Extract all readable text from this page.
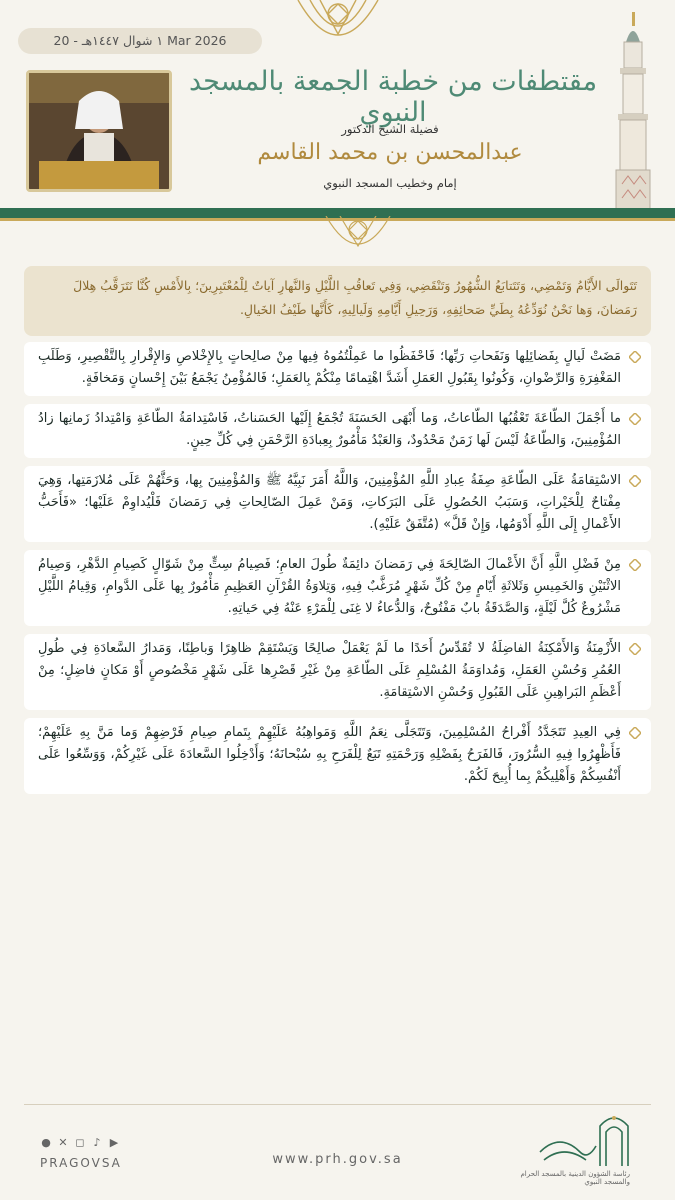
١ شوال ١٤٤٧هـ - 20 Mar 2026
مقتطفات من خطبة الجمعة بالمسجد النبوي
فضيلة الشيخ الدكتور
عبدالمحسن بن محمد القاسم
إمام وخطيب المسجد النبوي
تَتَوالَى الأَيَّامُ وَتَمْضِي، وَتَتَتابَعُ الشُّهُورُ وَتَنْقَضِي، وَفِي تَعاقُبِ اللَّيْلِ وَالنَّهارِ آياتٌ لِلْمُعْتَبِرِينَ؛ بِالأَمْسِ كُنَّا نَتَرَقَّبُ هِلالَ رَمَضانَ، وَها نَحْنُ نُوَدِّعُهُ بِطَيِّ صَحائِفِهِ، وَرَحِيلِ أَيَّامِهِ وَلَيالِيهِ، كَأَنَّها طَيْفُ الخَيالِ.
مَضَتْ لَيالٍ بِفَضائِلِها وَنَفَحاتِ رَبِّها؛ فَاحْفَظُوا ما عَمِلْتُمُوهُ فِيها مِنْ صالِحاتٍ بِالإِخْلاصِ وَالإِقْرارِ بِالتَّقْصِيرِ، وَطَلَبِ المَغْفِرَةِ وَالرِّضْوانِ، وَكُونُوا بِقَبُولِ العَمَلِ أَشَدَّ اهْتِمامًا مِنْكُمْ بِالعَمَلِ؛ فَالمُؤْمِنُ يَجْمَعُ بَيْنَ إِحْسانٍ وَمَخافَةٍ.
ما أَجْمَلَ الطّاعَةَ تَعْقُبُها الطّاعاتُ، وَما أَبْهَى الحَسَنَةَ تُجْمَعُ إِلَيْها الحَسَناتُ، فَاسْتِدامَةُ الطّاعَةِ وَامْتِدادُ زَمانِها زادُ المُؤْمِنِينَ، وَالطّاعَةُ لَيْسَ لَها زَمَنٌ مَحْدُودٌ، وَالعَبْدُ مَأْمُورٌ بِعِبادَةِ الرَّحْمَنِ فِي كُلِّ حِينٍ.
الاسْتِقامَةُ عَلَى الطّاعَةِ صِفَةُ عِبادِ اللَّهِ المُؤْمِنِينَ، وَاللَّهُ أَمَرَ نَبِيَّهُ ﷺ وَالمُؤْمِنِينَ بِها، وَحَثَّهُمْ عَلَى مُلازَمَتِها، وَهِيَ مِفْتاحٌ لِلْخَيْراتِ، وَسَبَبُ الحُصُولِ عَلَى البَرَكاتِ، وَمَنْ عَمِلَ الصّالِحاتِ فِي رَمَضانَ فَلْيُداوِمْ عَلَيْها؛ «فَأَحَبُّ الأَعْمالِ إِلَى اللَّهِ أَدْوَمُها، وَإِنْ قَلَّ» (مُتَّفَقٌ عَلَيْهِ).
مِنْ فَضْلِ اللَّهِ أَنَّ الأَعْمالَ الصّالِحَةَ فِي رَمَضانَ دائِمَةٌ طُولَ العامِ؛ فَصِيامُ سِتٍّ مِنْ شَوّالٍ كَصِيامِ الدَّهْرِ، وَصِيامُ الاثْنَيْنِ وَالخَمِيسِ وَثَلاثَةِ أَيّامٍ مِنْ كُلِّ شَهْرٍ مُرَغَّبٌ فِيهِ، وَتِلاوَةُ القُرْآنِ العَظِيمِ مَأْمُورٌ بِها عَلَى الدَّوامِ، وَقِيامُ اللَّيْلِ مَشْرُوعٌ كُلَّ لَيْلَةٍ، وَالصَّدَقَةُ بابٌ مَفْتُوحٌ، وَالدُّعاءُ لا غِنَى لِلْمَرْءِ عَنْهُ فِي حَياتِهِ.
الأَزْمِنَةُ وَالأَمْكِنَةُ الفاضِلَةُ لا تُقَدِّسُ أَحَدًا ما لَمْ يَعْمَلْ صالِحًا وَيَسْتَقِمْ ظاهِرًا وَباطِنًا، وَمَدارُ السَّعادَةِ فِي طُولِ العُمُرِ وَحُسْنِ العَمَلِ، وَمُداوَمَةُ المُسْلِمِ عَلَى الطّاعَةِ مِنْ غَيْرِ قَصْرِها عَلَى شَهْرٍ مَخْصُوصٍ أَوْ مَكانٍ فاضِلٍ؛ مِنْ أَعْظَمِ البَراهِينِ عَلَى القَبُولِ وَحُسْنِ الاسْتِقامَةِ.
فِي العِيدِ تَتَجَدَّدُ أَفْراحُ المُسْلِمِينَ، وَتَتَجَلَّى نِعَمُ اللَّهِ وَمَواهِبُهُ عَلَيْهِمْ بِتَمامِ صِيامِ فَرْضِهِمْ وَما مَنَّ بِهِ عَلَيْهِمْ؛ فَأَظْهِرُوا فِيهِ السُّرُورَ، فَالفَرَحُ بِفَضْلِهِ وَرَحْمَتِهِ تَبَعٌ لِلْفَرَحِ بِهِ سُبْحانَهُ؛ وَأَدْخِلُوا السَّعادَةَ عَلَى غَيْرِكُمْ، وَوَسِّعُوا عَلَى أَنْفُسِكُمْ وَأَهْلِيكُمْ بِما أُبِيحَ لَكُمْ.
● ✕ ◻ ♪ ▶
PRAGOVSA	www.prh.gov.sa
رئاسة الشؤون الدينية بالمسجد الحرام والمسجد النبوي
